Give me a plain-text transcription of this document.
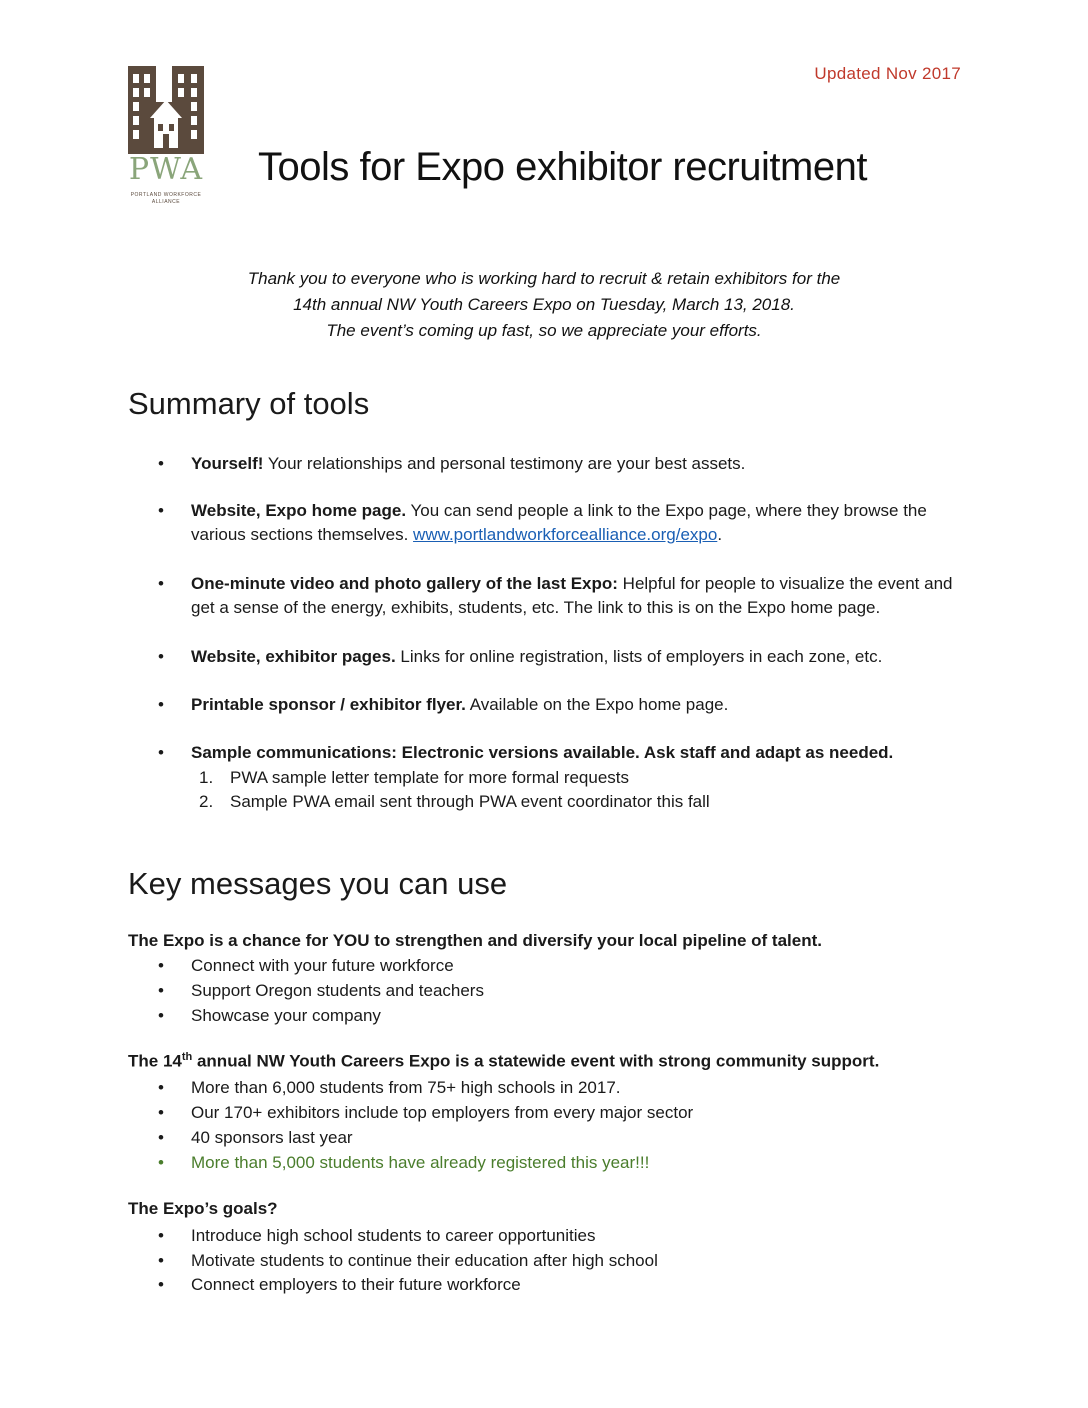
PWA
PORTLAND WORKFORCE ALLIANCE
Updated Nov 2017
Tools for Expo exhibitor recruitment
Thank you to everyone who is working hard to recruit & retain exhibitors for the
14th annual NW Youth Careers Expo on Tuesday, March 13, 2018.
The event’s coming up fast, so we appreciate your efforts.
Summary of tools
• Yourself! Your relationships and personal testimony are your best assets.
• Website, Expo home page. You can send people a link to the Expo page, where they browse the various sections themselves. www.portlandworkforcealliance.org/expo.
• One-minute video and photo gallery of the last Expo: Helpful for people to visualize the event and get a sense of the energy, exhibits, students, etc. The link to this is on the Expo home page.
• Website, exhibitor pages. Links for online registration, lists of employers in each zone, etc.
• Printable sponsor / exhibitor flyer. Available on the Expo home page.
• Sample communications: Electronic versions available. Ask staff and adapt as needed.
1. PWA sample letter template for more formal requests
2. Sample PWA email sent through PWA event coordinator this fall
Key messages you can use
The Expo is a chance for YOU to strengthen and diversify your local pipeline of talent.
• Connect with your future workforce
• Support Oregon students and teachers
• Showcase your company
The 14th annual NW Youth Careers Expo is a statewide event with strong community support.
• More than 6,000 students from 75+ high schools in 2017.
• Our 170+ exhibitors include top employers from every major sector
• 40 sponsors last year
• More than 5,000 students have already registered this year!!!
The Expo’s goals?
• Introduce high school students to career opportunities
• Motivate students to continue their education after high school
• Connect employers to their future workforce
